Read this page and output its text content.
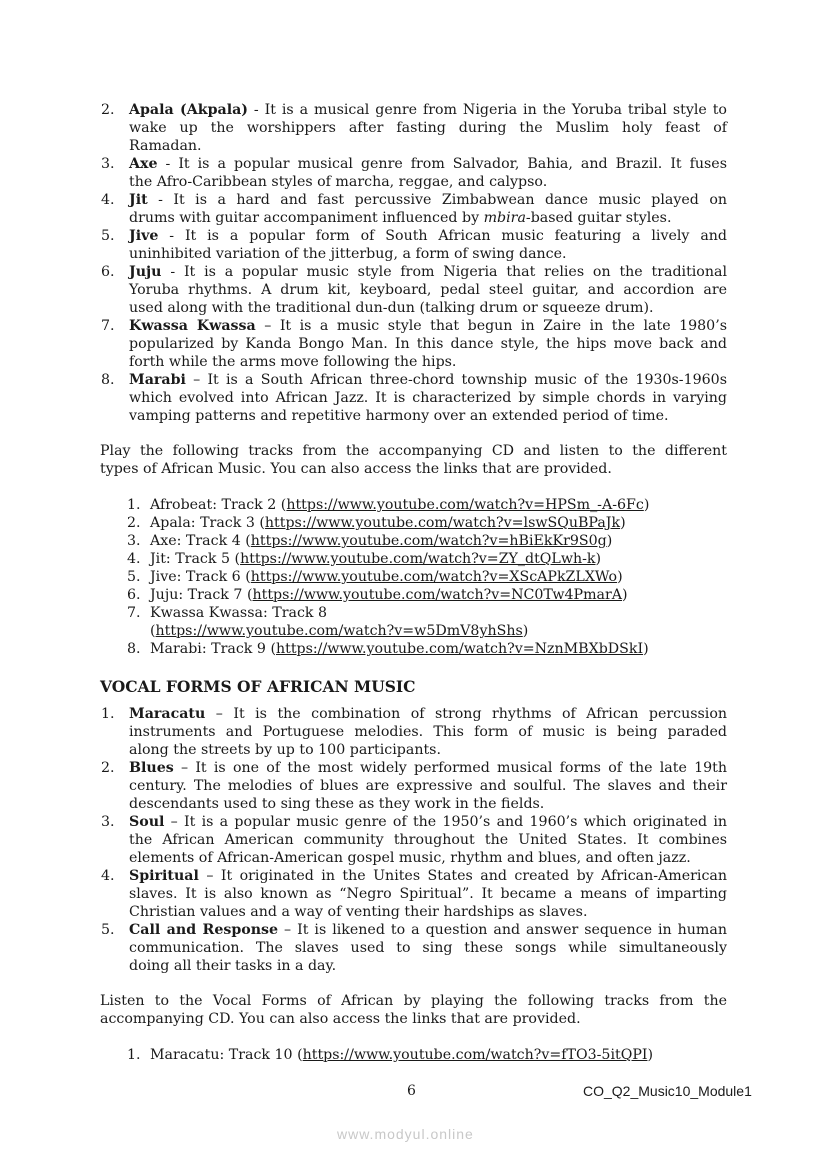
2. Apala (Akpala) - It is a musical genre from Nigeria in the Yoruba tribal style to
wake up the worshippers after fasting during the Muslim holy feast of
Ramadan.
3. Axe - It is a popular musical genre from Salvador, Bahia, and Brazil. It fuses
the Afro-Caribbean styles of marcha, reggae, and calypso.
4. Jit - It is a hard and fast percussive Zimbabwean dance music played on
drums with guitar accompaniment influenced by mbira-based guitar styles.
5. Jive - It is a popular form of South African music featuring a lively and
uninhibited variation of the jitterbug, a form of swing dance.
6. Juju - It is a popular music style from Nigeria that relies on the traditional
Yoruba rhythms. A drum kit, keyboard, pedal steel guitar, and accordion are
used along with the traditional dun-dun (talking drum or squeeze drum).
7. Kwassa Kwassa – It is a music style that begun in Zaire in the late 1980’s
popularized by Kanda Bongo Man. In this dance style, the hips move back and
forth while the arms move following the hips.
8. Marabi – It is a South African three-chord township music of the 1930s-1960s
which evolved into African Jazz. It is characterized by simple chords in varying
vamping patterns and repetitive harmony over an extended period of time.
Play the following tracks from the accompanying CD and listen to the different
types of African Music. You can also access the links that are provided.
1. Afrobeat: Track 2 (https://www.youtube.com/watch?v=HPSm_-A-6Fc)
2. Apala: Track 3 (https://www.youtube.com/watch?v=lswSQuBPaJk)
3. Axe: Track 4 (https://www.youtube.com/watch?v=hBiEkKr9S0g)
4. Jit: Track 5 (https://www.youtube.com/watch?v=ZY_dtQLwh-k)
5. Jive: Track 6 (https://www.youtube.com/watch?v=XScAPkZLXWo)
6. Juju: Track 7 (https://www.youtube.com/watch?v=NC0Tw4PmarA)
7. Kwassa Kwassa: Track 8
(https://www.youtube.com/watch?v=w5DmV8yhShs)
8. Marabi: Track 9 (https://www.youtube.com/watch?v=NznMBXbDSkI)
VOCAL FORMS OF AFRICAN MUSIC
1. Maracatu – It is the combination of strong rhythms of African percussion
instruments and Portuguese melodies. This form of music is being paraded
along the streets by up to 100 participants.
2. Blues – It is one of the most widely performed musical forms of the late 19th
century. The melodies of blues are expressive and soulful. The slaves and their
descendants used to sing these as they work in the fields.
3. Soul – It is a popular music genre of the 1950’s and 1960’s which originated in
the African American community throughout the United States. It combines
elements of African-American gospel music, rhythm and blues, and often jazz.
4. Spiritual – It originated in the Unites States and created by African-American
slaves. It is also known as “Negro Spiritual”. It became a means of imparting
Christian values and a way of venting their hardships as slaves.
5. Call and Response – It is likened to a question and answer sequence in human
communication. The slaves used to sing these songs while simultaneously
doing all their tasks in a day.
Listen to the Vocal Forms of African by playing the following tracks from the
accompanying CD. You can also access the links that are provided.
1. Maracatu: Track 10 (https://www.youtube.com/watch?v=fTO3-5itQPI)
6	CO_Q2_Music10_Module1
www.modyul.online
